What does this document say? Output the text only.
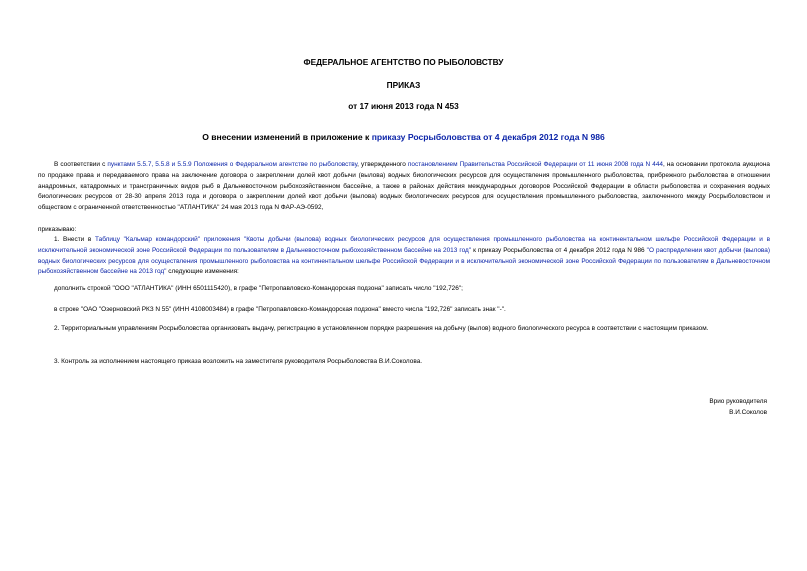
ФЕДЕРАЛЬНОЕ АГЕНТСТВО ПО РЫБОЛОВСТВУ
ПРИКАЗ
от 17 июня 2013 года N 453
О внесении изменений в приложение к приказу Росрыболовства от 4 декабря 2012 года N 986
В соответствии с пунктами 5.5.7, 5.5.8 и 5.5.9 Положения о Федеральном агентстве по рыболовству, утвержденного постановлением Правительства Российской Федерации от 11 июня 2008 года N 444, на основании протокола аукциона по продаже права и передаваемого права на заключение договора о закреплении долей квот добычи (вылова) водных биологических ресурсов для осуществления промышленного рыболовства, прибрежного рыболовства в отношении анадромных, катадромных и трансграничных видов рыб в Дальневосточном рыбохозяйственном бассейне, а также в районах действия международных договоров Российской Федерации в области рыболовства и сохранения водных биологических ресурсов от 28-30 апреля 2013 года и договора о закреплении долей квот добычи (вылова) водных биологических ресурсов для осуществления промышленного рыболовства, заключенного между Росрыболовством и обществом с ограниченной ответственностью "АТЛАНТИКА" 24 мая 2013 года N ФАР-АЭ-0592,
приказываю:
1. Внести в Таблицу "Кальмар командорский" приложения "Квоты добычи (вылова) водных биологических ресурсов для осуществления промышленного рыболовства на континентальном шельфе Российской Федерации и в исключительной экономической зоне Российской Федерации по пользователям в Дальневосточном рыбохозяйственном бассейне на 2013 год" к приказу Росрыболовства от 4 декабря 2012 года N 986 "О распределении квот добычи (вылова) водных биологических ресурсов для осуществления промышленного рыболовства на континентальном шельфе Российской Федерации и в исключительной экономической зоне Российской Федерации по пользователям в Дальневосточном рыбохозяйственном бассейне на 2013 год" следующие изменения:
дополнить строкой "ООО "АТЛАНТИКА" (ИНН 6501115420), в графе "Петропавловско-Командорская подзона" записать число "192,726";
в строке "ОАО "Озерновский РКЗ N 55" (ИНН 4108003484) в графе "Петропавловско-Командорская подзона" вместо числа "192,726" записать знак "-".
2. Территориальным управлениям Росрыболовства организовать выдачу, регистрацию в установленном порядке разрешения на добычу (вылов) водного биологического ресурса в соответствии с настоящим приказом.
3. Контроль за исполнением настоящего приказа возложить на заместителя руководителя Росрыболовства В.И.Соколова.
Врио руководителя
В.И.Соколов
